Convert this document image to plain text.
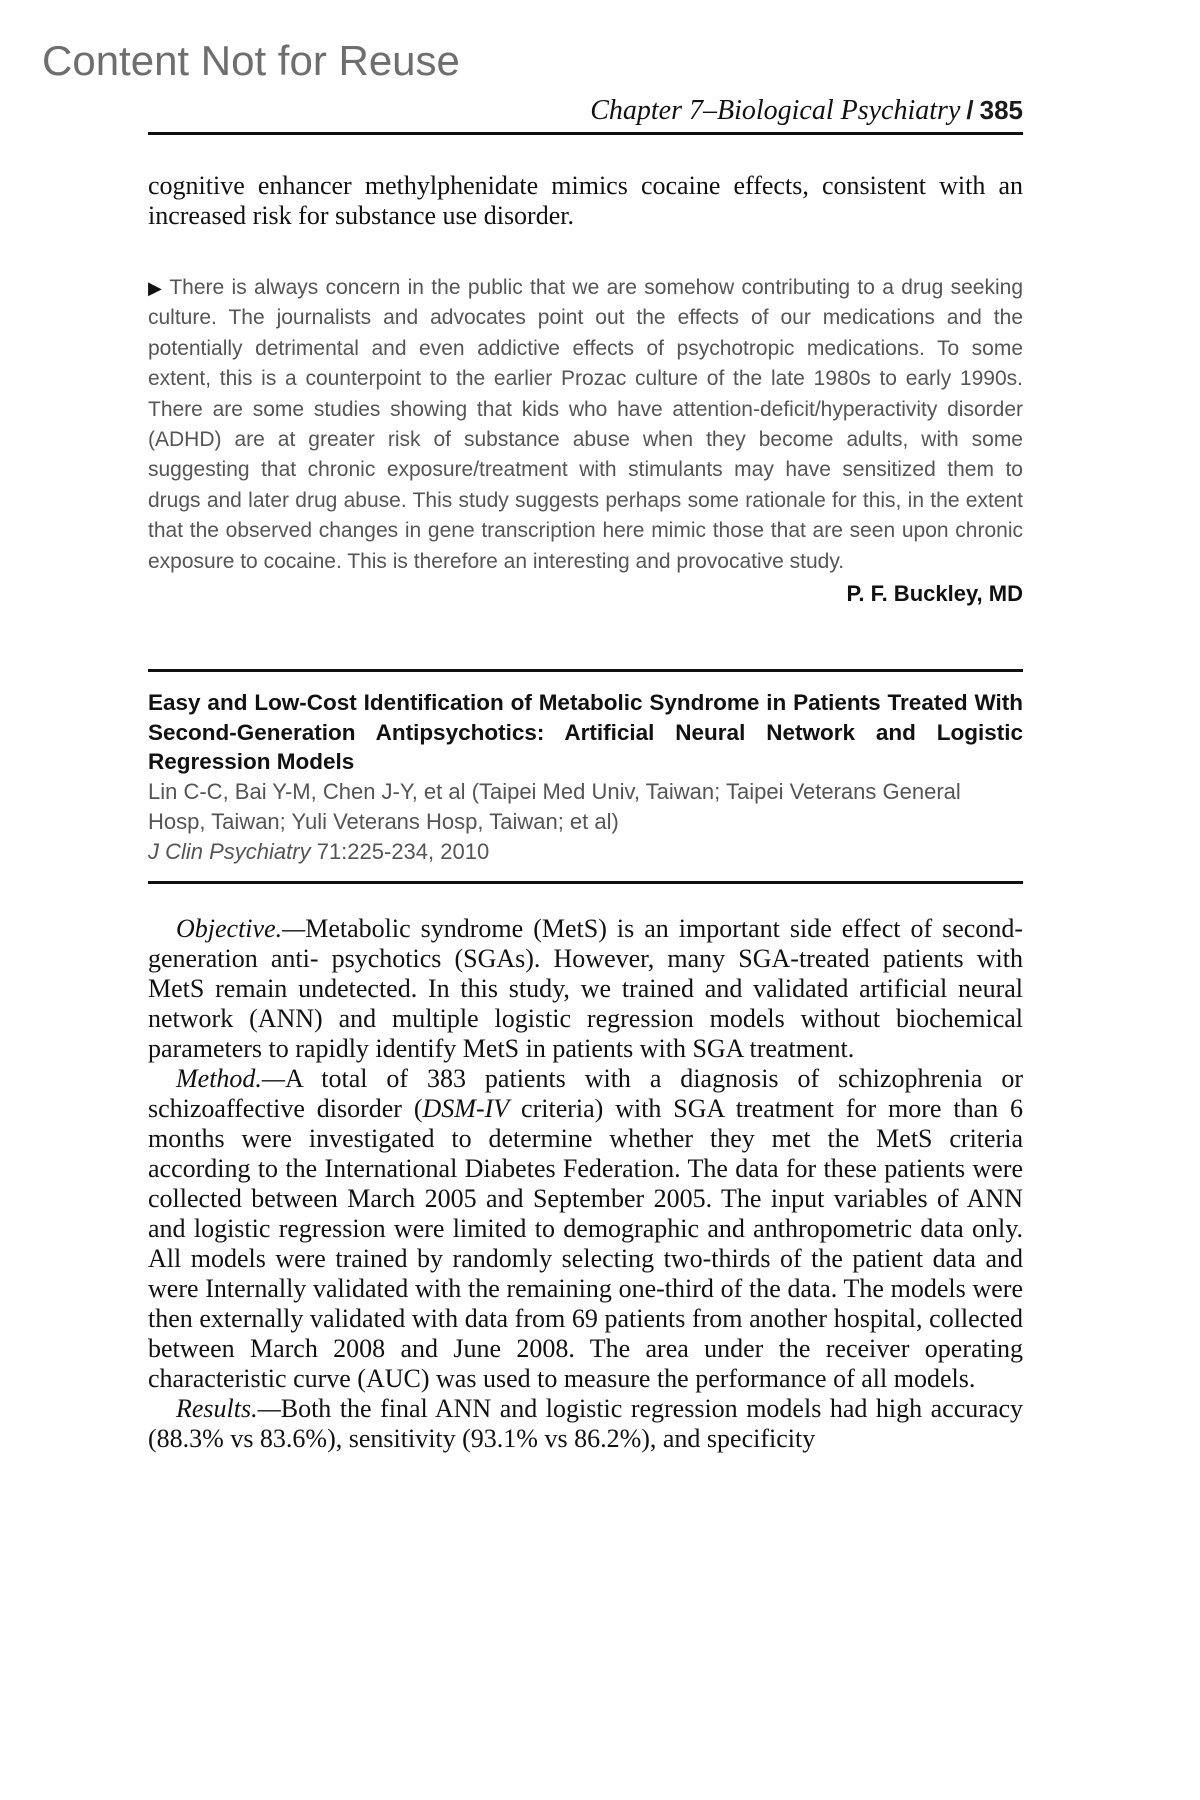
Content Not for Reuse
Chapter 7–Biological Psychiatry / 385

cognitive enhancer methylphenidate mimics cocaine effects, consistent with an increased risk for substance use disorder.

▶ There is always concern in the public that we are somehow contributing to a drug seeking culture. The journalists and advocates point out the effects of our medications and the potentially detrimental and even addictive effects of psychotropic medications. To some extent, this is a counterpoint to the earlier Prozac culture of the late 1980s to early 1990s. There are some studies showing that kids who have attention-deficit/hyperactivity disorder (ADHD) are at greater risk of substance abuse when they become adults, with some suggesting that chronic exposure/treatment with stimulants may have sensitized them to drugs and later drug abuse. This study suggests perhaps some rationale for this, in the extent that the observed changes in gene transcription here mimic those that are seen upon chronic exposure to cocaine. This is therefore an interesting and provocative study.

P. F. Buckley, MD

Easy and Low-Cost Identification of Metabolic Syndrome in Patients Treated With Second-Generation Antipsychotics: Artificial Neural Network and Logistic Regression Models

Lin C-C, Bai Y-M, Chen J-Y, et al (Taipei Med Univ, Taiwan; Taipei Veterans General Hosp, Taiwan; Yuli Veterans Hosp, Taiwan; et al)

J Clin Psychiatry 71:225-234, 2010

Objective.—Metabolic syndrome (MetS) is an important side effect of second-generation anti- psychotics (SGAs). However, many SGA-treated patients with MetS remain undetected. In this study, we trained and validated artificial neural network (ANN) and multiple logistic regression models without biochemical parameters to rapidly identify MetS in patients with SGA treatment.

Method.—A total of 383 patients with a diagnosis of schizophrenia or schizoaffective disorder (DSM-IV criteria) with SGA treatment for more than 6 months were investigated to determine whether they met the MetS criteria according to the International Diabetes Federation. The data for these patients were collected between March 2005 and September 2005. The input variables of ANN and logistic regression were limited to demographic and anthropometric data only. All models were trained by randomly selecting two-thirds of the patient data and were Internally validated with the remaining one-third of the data. The models were then externally validated with data from 69 patients from another hospital, collected between March 2008 and June 2008. The area under the receiver operating characteristic curve (AUC) was used to measure the performance of all models.

Results.—Both the final ANN and logistic regression models had high accuracy (88.3% vs 83.6%), sensitivity (93.1% vs 86.2%), and specificity
